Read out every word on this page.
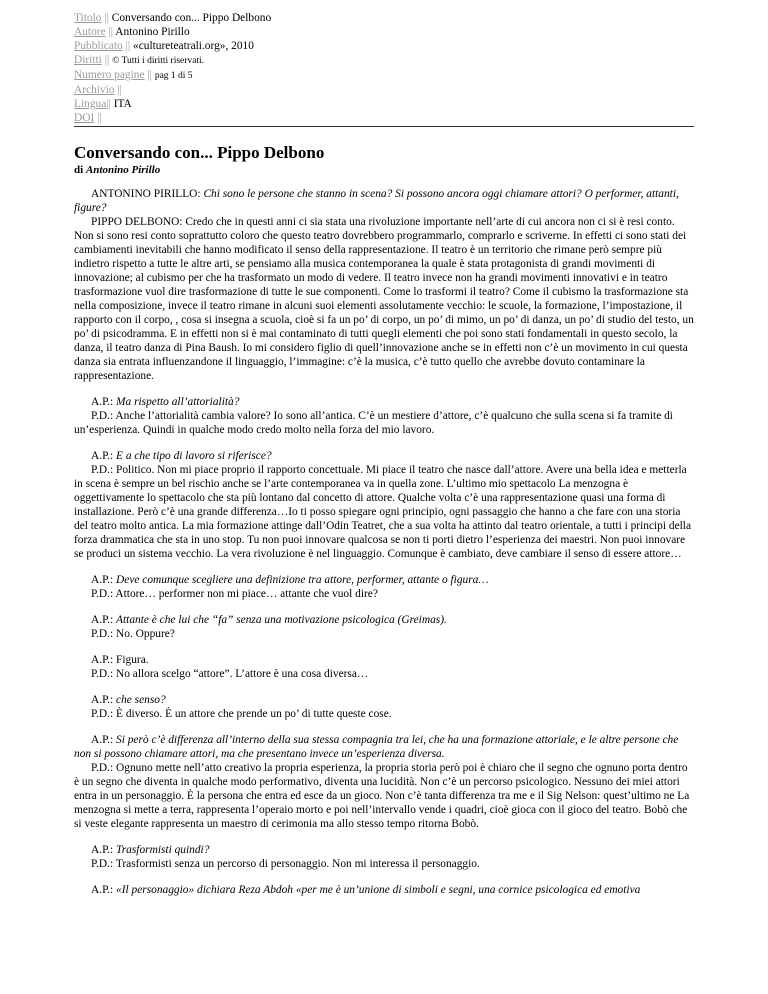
Titolo || Conversando con... Pippo Delbono
Autore || Antonino Pirillo
Pubblicato || «cultureteatrali.org», 2010
Diritti || © Tutti i diritti riservati.
Numero pagine || pag 1 di 5
Archivio ||
Lingua|| ITA
DOI ||
Conversando con... Pippo Delbono
di Antonino Pirillo

ANTONINO PIRILLO: Chi sono le persone che stanno in scena? Si possono ancora oggi chiamare attori? O performer, attanti, figure?

PIPPO DELBONO: Credo che in questi anni ci sia stata una rivoluzione importante nell’arte di cui ancora non ci si è resi conto. Non si sono resi conto soprattutto coloro che questo teatro dovrebbero programmarlo, comprarlo e scriverne. In effetti ci sono stati dei cambiamenti inevitabili che hanno modificato il senso della rappresentazione. Il teatro è un territorio che rimane però sempre più indietro rispetto a tutte le altre arti, se pensiamo alla musica contemporanea la quale è stata protagonista di grandi movimenti di innovazione; al cubismo per che ha trasformato un modo di vedere. Il teatro invece non ha grandi movimenti innovativi e in teatro trasformazione vuol dire trasformazione di tutte le sue componenti. Come lo trasformi il teatro? Come il cubismo la trasformazione sta nella composizione, invece il teatro rimane in alcuni suoi elementi assolutamente vecchio: le scuole, la formazione, l’impostazione, il rapporto con il corpo, , cosa si insegna a scuola, cioè si fa un po’ di corpo, un po’ di mimo, un po’ di danza, un po’ di studio del testo, un po’ di psicodramma. E in effetti non si è mai contaminato di tutti quegli elementi che poi sono stati fondamentali in questo secolo, la danza, il teatro danza di Pina Baush. Io mi considero figlio di quell’innovazione anche se in effetti non c’è un movimento in cui questa danza sia entrata influenzandone il linguaggio, l’immagine: c’è la musica, c’è tutto quello che avrebbe dovuto contaminare la rappresentazione.

A.P.: Ma rispetto all’attorialità?

P.D.: Anche l’attorialità cambia valore? Io sono all’antica. C’è un mestiere d’attore, c’è qualcuno che sulla scena si fa tramite di un’esperienza. Quindi in qualche modo credo molto nella forza del mio lavoro.

A.P.: E a che tipo di lavoro si riferisce?

P.D.: Politico. Non mi piace proprio il rapporto concettuale. Mi piace il teatro che nasce dall’attore. Avere una bella idea e metterla in scena è sempre un bel rischio anche se l’arte contemporanea va in quella zone. L’ultimo mio spettacolo La menzogna è oggettivamente lo spettacolo che sta più lontano dal concetto di attore. Qualche volta c’è una rappresentazione quasi una forma di installazione. Però c’è una grande differenza…Io ti posso spiegare ogni principio, ogni passaggio che hanno a che fare con una storia del teatro molto antica. La mia formazione attinge dall’Odin Teatret, che a sua volta ha attinto dal teatro orientale, a tutti i principi della forza drammatica che sta in uno stop. Tu non puoi innovare qualcosa se non ti porti dietro l’esperienza dei maestri. Non puoi innovare se produci un sistema vecchio. La vera rivoluzione è nel linguaggio. Comunque è cambiato, deve cambiare il senso di essere attore…

A.P.: Deve comunque scegliere una definizione tra attore, performer, attante o figura…

P.D.: Attore… performer non mi piace… attante che vuol dire?

A.P.: Attante è che lui che “fa” senza una motivazione psicologica (Greimas).

P.D.: No. Oppure?

A.P.: Figura.

P.D.: No allora scelgo “attore”. L’attore è una cosa diversa…

A.P.: che senso?

P.D.: È diverso. È un attore che prende un po’ di tutte queste cose.

A.P.: Si però c’è differenza all’interno della sua stessa compagnia tra lei, che ha una formazione attoriale, e le altre persone che non si possono chiamare attori, ma che presentano invece un’esperienza diversa.

P.D.: Ognuno mette nell’atto creativo la propria esperienza, la propria storia però poi è chiaro che il segno che ognuno porta dentro è un segno che diventa in qualche modo performativo, diventa una lucidità. Non c’è un percorso psicologico. Nessuno dei miei attori entra in un personaggio. È la persona che entra ed esce da un gioco. Non c’è tanta differenza tra me e il Sig Nelson: quest’ultimo ne La menzogna si mette a terra, rappresenta l’operaio morto e poi nell’intervallo vende i quadri, cioè gioca con il gioco del teatro. Bobò che si veste elegante rappresenta un maestro di cerimonia ma allo stesso tempo ritorna Bobò.

A.P.: Trasformisti quindi?

P.D.: Trasformisti senza un percorso di personaggio. Non mi interessa il personaggio.

A.P.: «Il personaggio» dichiara Reza Abdoh «per me è un’unione di simboli e segni, una cornice psicologica ed emotiva
